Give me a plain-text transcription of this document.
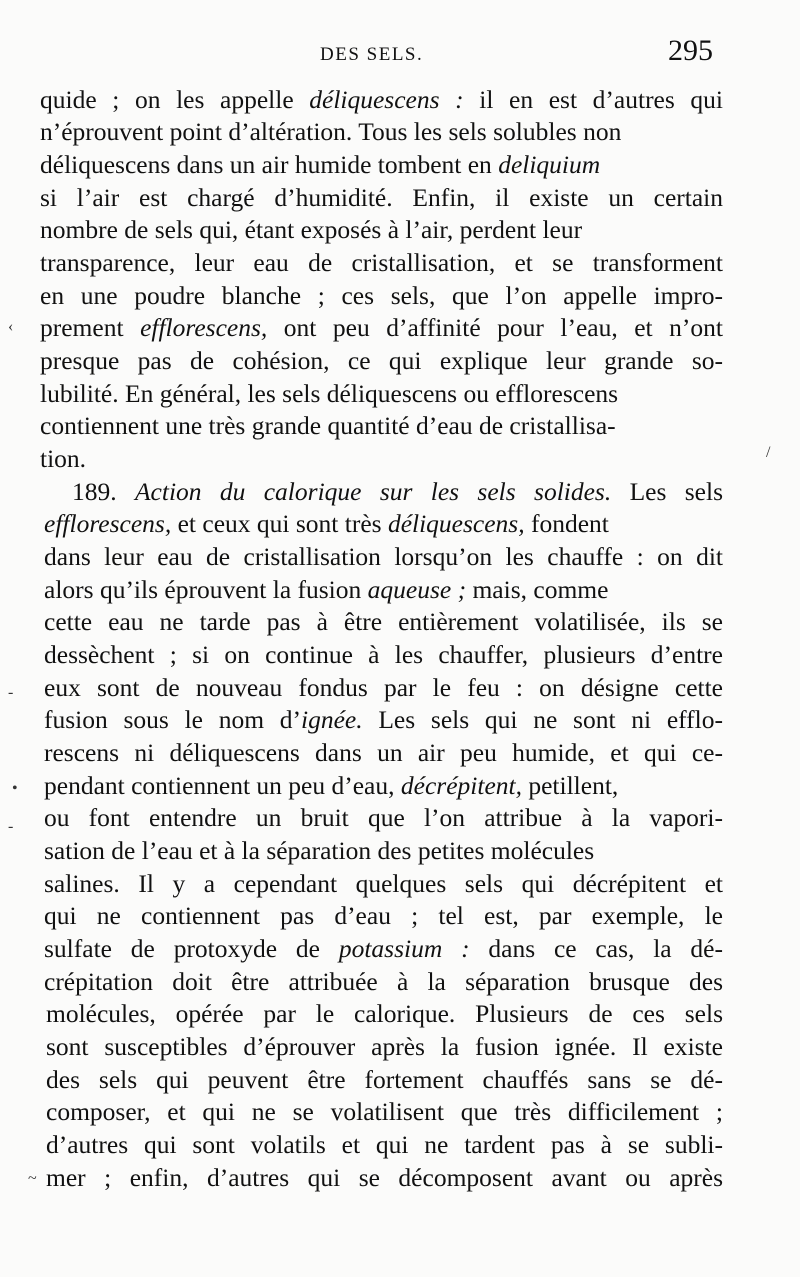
DES SELS.	295
quide ; on les appelle déliquescens : il en est d’autres qui
n’éprouvent point d’altération. Tous les sels solubles non
déliquescens dans un air humide tombent en deliquium
si l’air est chargé d’humidité. Enfin, il existe un certain
nombre de sels qui, étant exposés à l’air, perdent leur
transparence, leur eau de cristallisation, et se transforment
en une poudre blanche ; ces sels, que l’on appelle impro-
prement efflorescens, ont peu d’affinité pour l’eau, et n’ont
presque pas de cohésion, ce qui explique leur grande so-
lubilité. En général, les sels déliquescens ou efflorescens
contiennent une très grande quantité d’eau de cristallisa-
tion.
189. Action du calorique sur les sels solides. Les sels
efflorescens, et ceux qui sont très déliquescens, fondent
dans leur eau de cristallisation lorsqu’on les chauffe : on dit
alors qu’ils éprouvent la fusion aqueuse ; mais, comme
cette eau ne tarde pas à être entièrement volatilisée, ils se
dessèchent ; si on continue à les chauffer, plusieurs d’entre
eux sont de nouveau fondus par le feu : on désigne cette
fusion sous le nom d’ignée. Les sels qui ne sont ni efflo-
rescens ni déliquescens dans un air peu humide, et qui ce-
pendant contiennent un peu d’eau, décrépitent, petillent,
ou font entendre un bruit que l’on attribue à la vapori-
sation de l’eau et à la séparation des petites molécules
salines. Il y a cependant quelques sels qui décrépitent et
qui ne contiennent pas d’eau ; tel est, par exemple, le
sulfate de protoxyde de potassium : dans ce cas, la dé-
crépitation doit être attribuée à la séparation brusque des
molécules, opérée par le calorique. Plusieurs de ces sels
sont susceptibles d’éprouver après la fusion ignée. Il existe
des sels qui peuvent être fortement chauffés sans se dé-
composer, et qui ne se volatilisent que très difficilement ;
d’autres qui sont volatils et qui ne tardent pas à se subli-
mer ; enfin, d’autres qui se décomposent avant ou après
‹
/
-
•
-
~
